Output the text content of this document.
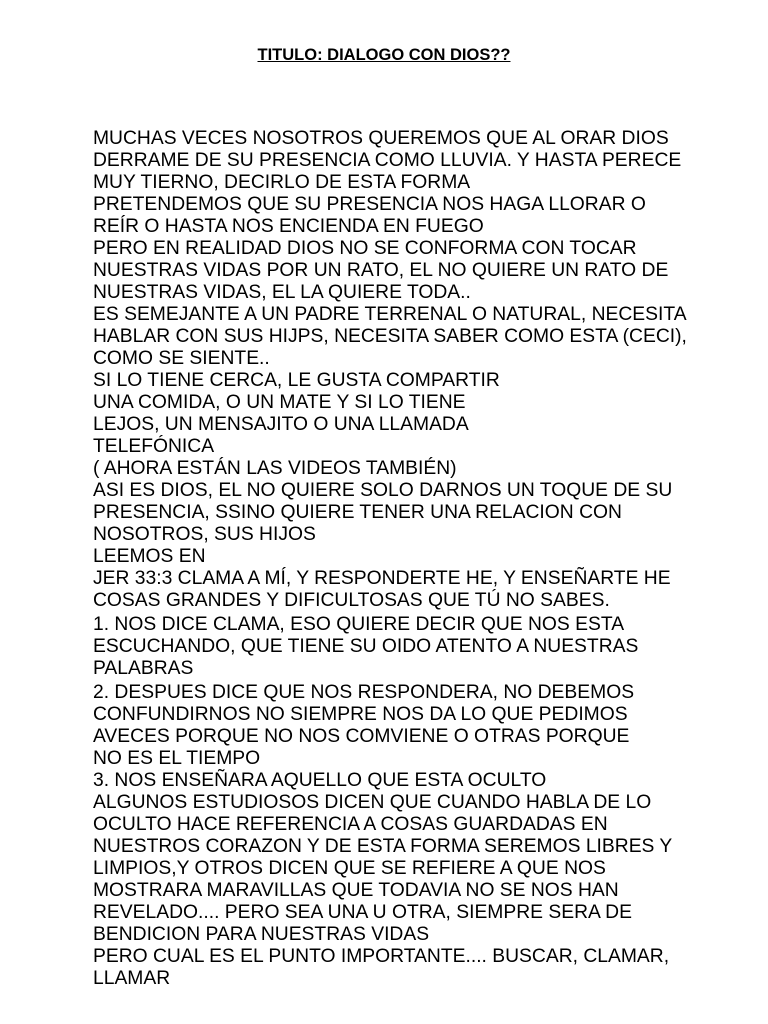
TITULO: DIALOGO CON DIOS??
MUCHAS VECES NOSOTROS QUEREMOS QUE AL ORAR DIOS
DERRAME DE SU PRESENCIA COMO LLUVIA. Y HASTA PERECE
MUY TIERNO, DECIRLO DE ESTA FORMA
PRETENDEMOS QUE SU PRESENCIA NOS HAGA LLORAR O
REÍR O HASTA NOS ENCIENDA EN FUEGO
PERO EN REALIDAD DIOS NO SE CONFORMA CON TOCAR
NUESTRAS VIDAS POR UN RATO, EL NO QUIERE UN RATO DE
NUESTRAS VIDAS, EL LA QUIERE TODA..
ES SEMEJANTE A UN PADRE TERRENAL O NATURAL, NECESITA
HABLAR CON SUS HIJPS, NECESITA SABER COMO ESTA (CECI),
COMO SE SIENTE..
SI LO TIENE CERCA, LE GUSTA COMPARTIR
UNA COMIDA, O UN MATE Y SI LO TIENE
LEJOS, UN MENSAJITO O UNA LLAMADA
TELEFÓNICA
( AHORA ESTÁN LAS VIDEOS TAMBIÉN)
ASI ES DIOS, EL NO QUIERE SOLO DARNOS UN TOQUE DE SU
PRESENCIA, SSINO QUIERE TENER UNA RELACION CON
NOSOTROS, SUS HIJOS
LEEMOS EN
JER 33:3 CLAMA A MÍ, Y RESPONDERTE HE, Y ENSEÑARTE HE
COSAS GRANDES Y DIFICULTOSAS QUE TÚ NO SABES.
1. NOS DICE CLAMA, ESO QUIERE DECIR QUE NOS ESTA
ESCUCHANDO, QUE TIENE SU OIDO ATENTO A NUESTRAS
PALABRAS
2. DESPUES DICE QUE NOS RESPONDERA, NO DEBEMOS
CONFUNDIRNOS NO SIEMPRE NOS DA LO QUE PEDIMOS
AVECES PORQUE NO NOS COMVIENE O OTRAS PORQUE
NO ES EL TIEMPO
3. NOS ENSEÑARA AQUELLO QUE ESTA OCULTO
ALGUNOS ESTUDIOSOS DICEN QUE CUANDO HABLA DE LO
OCULTO HACE REFERENCIA A COSAS GUARDADAS EN
NUESTROS CORAZON Y DE ESTA FORMA SEREMOS LIBRES Y
LIMPIOS,Y OTROS DICEN QUE SE REFIERE A QUE NOS
MOSTRARA MARAVILLAS QUE TODAVIA NO SE NOS HAN
REVELADO.... PERO SEA UNA U OTRA, SIEMPRE SERA DE
BENDICION PARA NUESTRAS VIDAS
PERO CUAL ES EL PUNTO IMPORTANTE.... BUSCAR, CLAMAR,
LLAMAR
